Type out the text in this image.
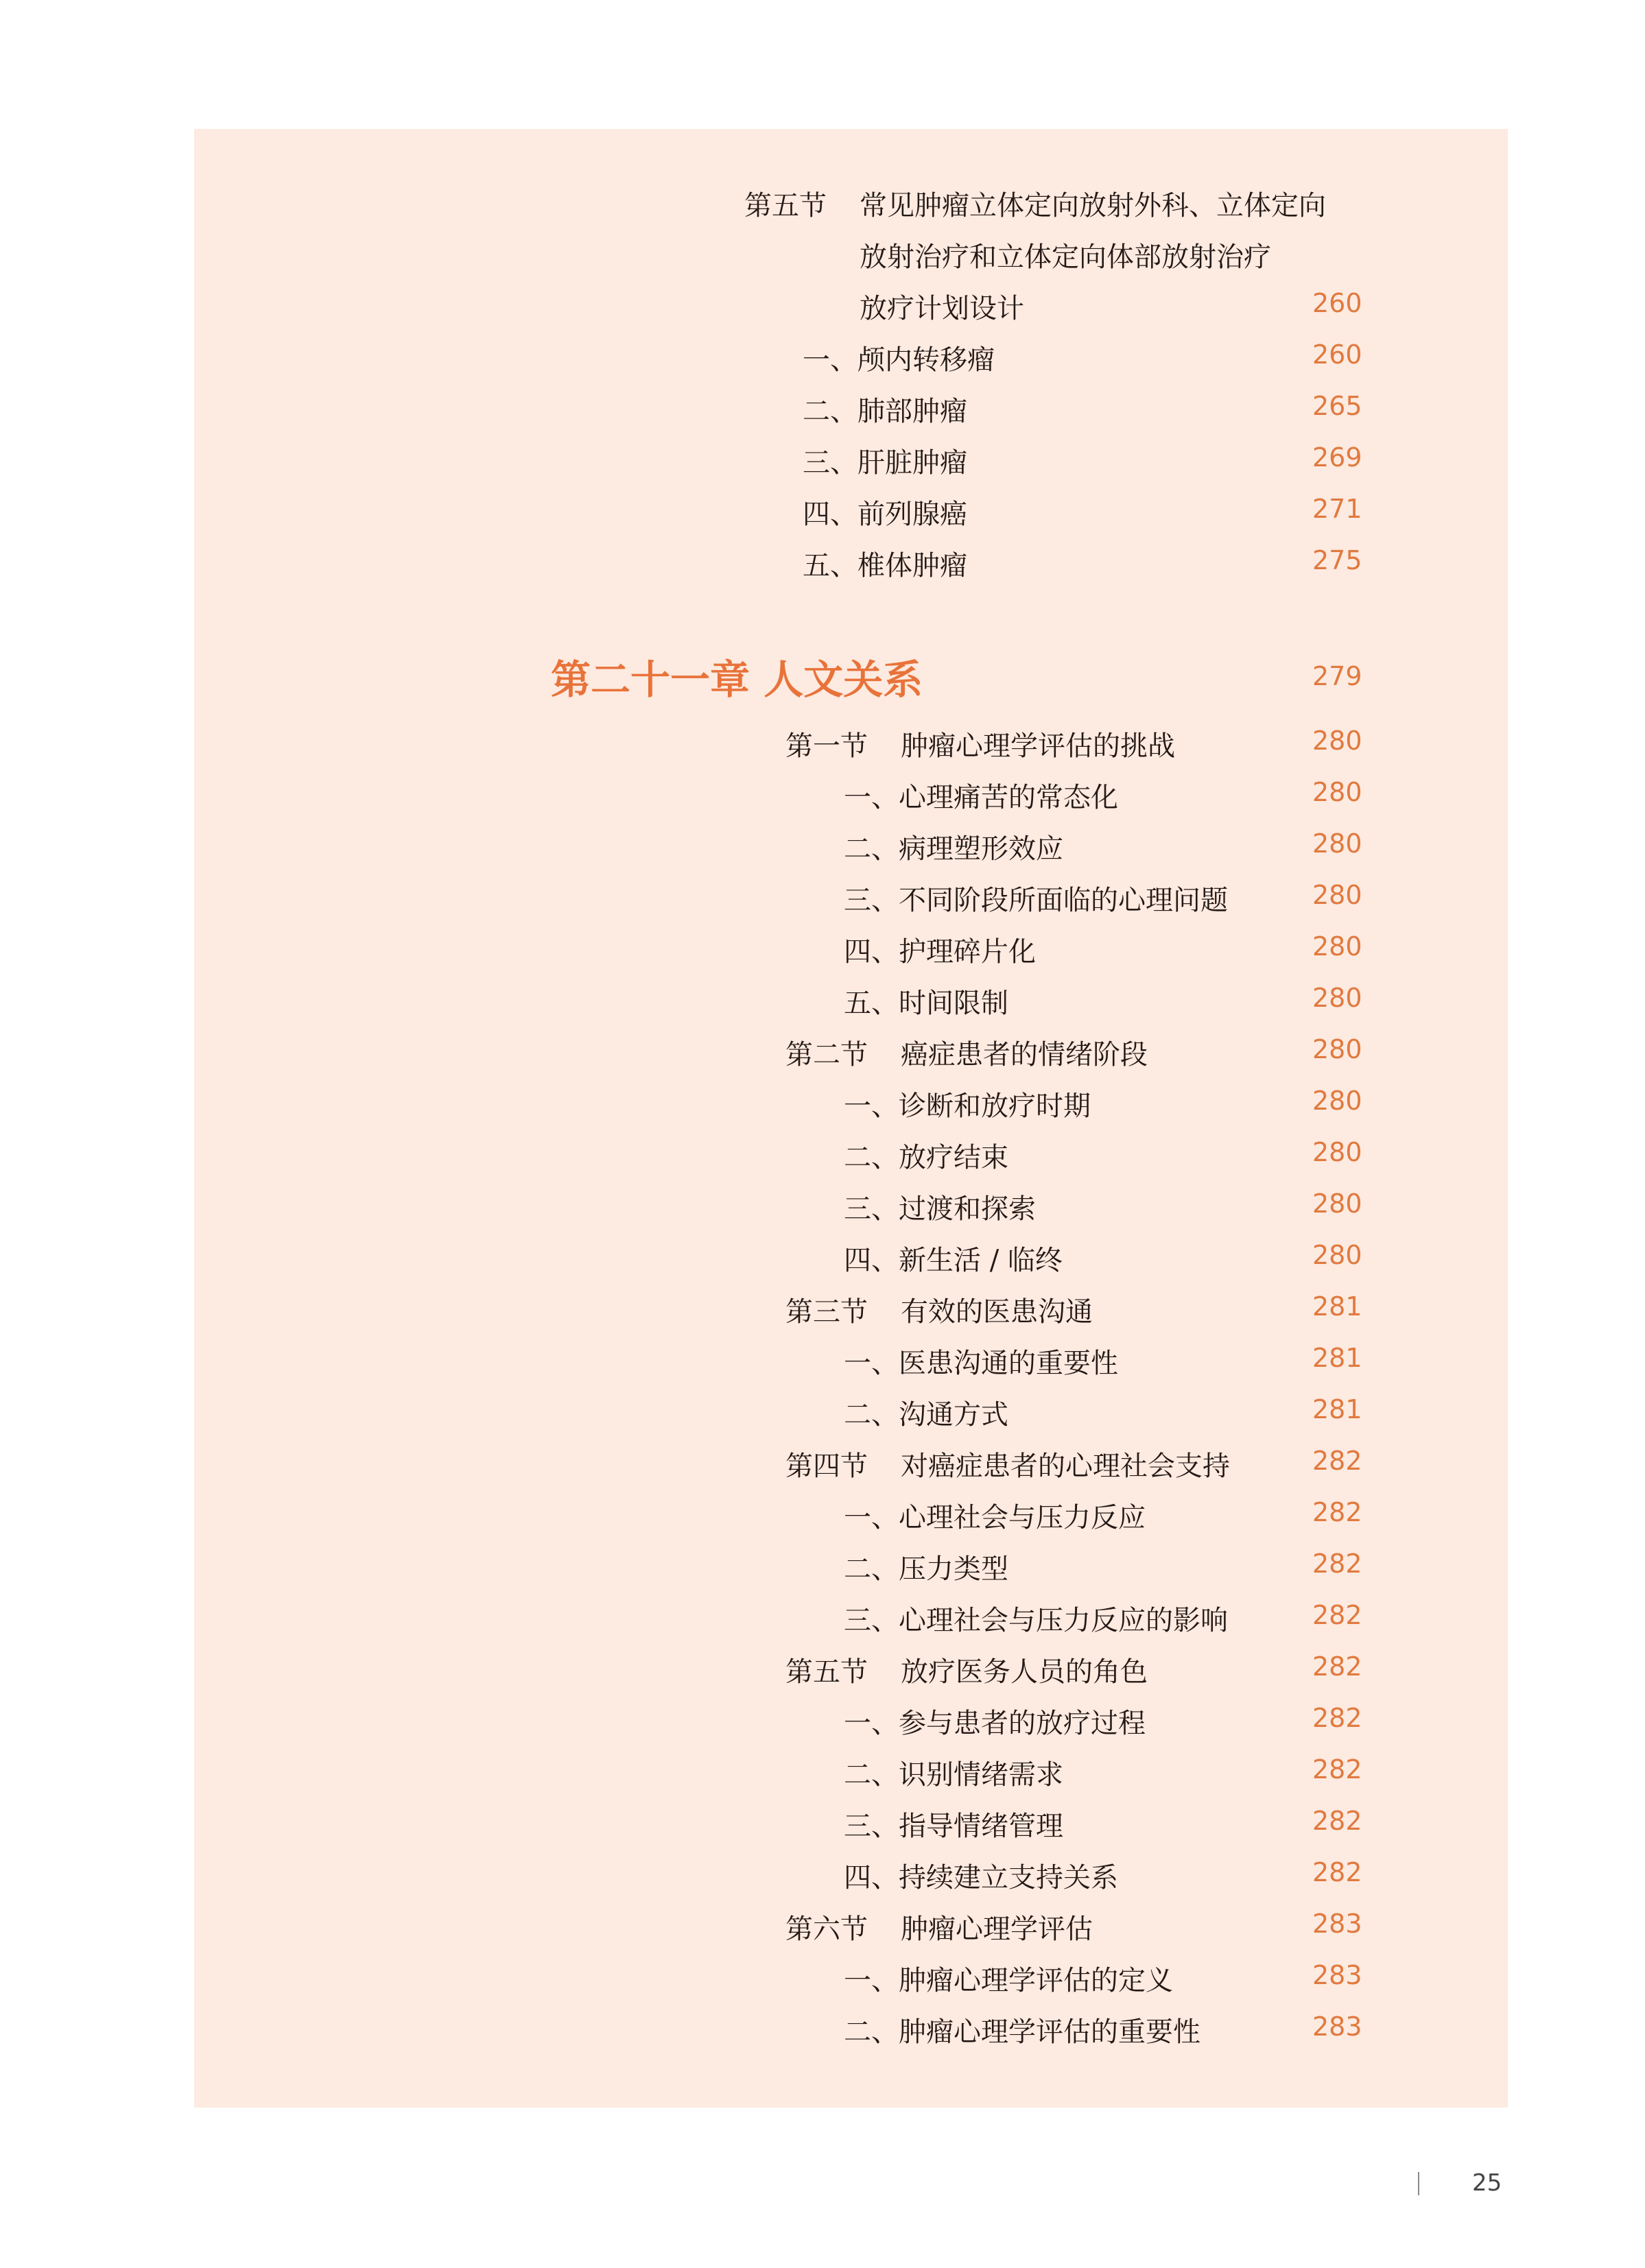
第五节 常见肿瘤立体定向放射外科、立体定向
放射治疗和立体定向体部放射治疗
放疗计划设计	260
一、颅内转移瘤	260
二、肺部肿瘤	265
三、肝脏肿瘤	269
四、前列腺癌	271
五、椎体肿瘤	275
第二十一章 人文关系	279
第一节 肿瘤心理学评估的挑战	280
一、心理痛苦的常态化	280
二、病理塑形效应	280
三、不同阶段所面临的心理问题	280
四、护理碎片化	280
五、时间限制	280
第二节 癌症患者的情绪阶段	280
一、诊断和放疗时期	280
二、放疗结束	280
三、过渡和探索	280
四、新生活 / 临终	280
第三节 有效的医患沟通	281
一、医患沟通的重要性	281
二、沟通方式	281
第四节 对癌症患者的心理社会支持	282
一、心理社会与压力反应	282
二、压力类型	282
三、心理社会与压力反应的影响	282
第五节 放疗医务人员的角色	282
一、参与患者的放疗过程	282
二、识别情绪需求	282
三、指导情绪管理	282
四、持续建立支持关系	282
第六节 肿瘤心理学评估	283
一、肿瘤心理学评估的定义	283
二、肿瘤心理学评估的重要性	283
25
